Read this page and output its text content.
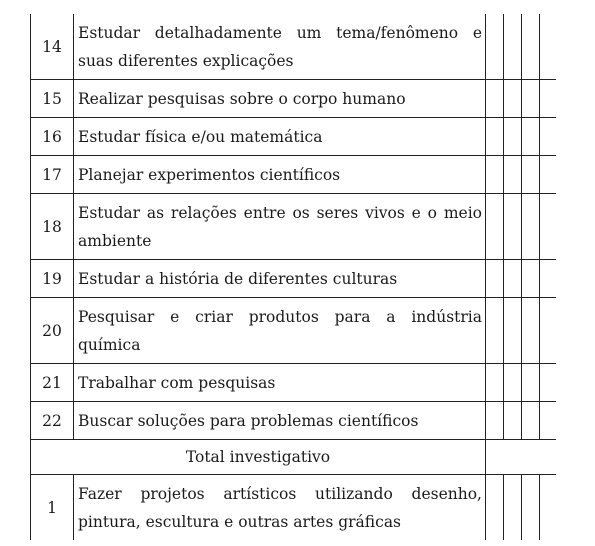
14	Estudar detalhadamente um tema/fenômeno e suas diferentes explicações				
15	Realizar pesquisas sobre o corpo humano				
16	Estudar física e/ou matemática				
17	Planejar experimentos científicos				
18	Estudar as relações entre os seres vivos e o meio ambiente				
19	Estudar a história de diferentes culturas				
20	Pesquisar e criar produtos para a indústria química				
21	Trabalhar com pesquisas				
22	Buscar soluções para problemas científicos				
Total investigativo					
1	Fazer projetos artísticos utilizando desenho, pintura, escultura e outras artes gráficas				
